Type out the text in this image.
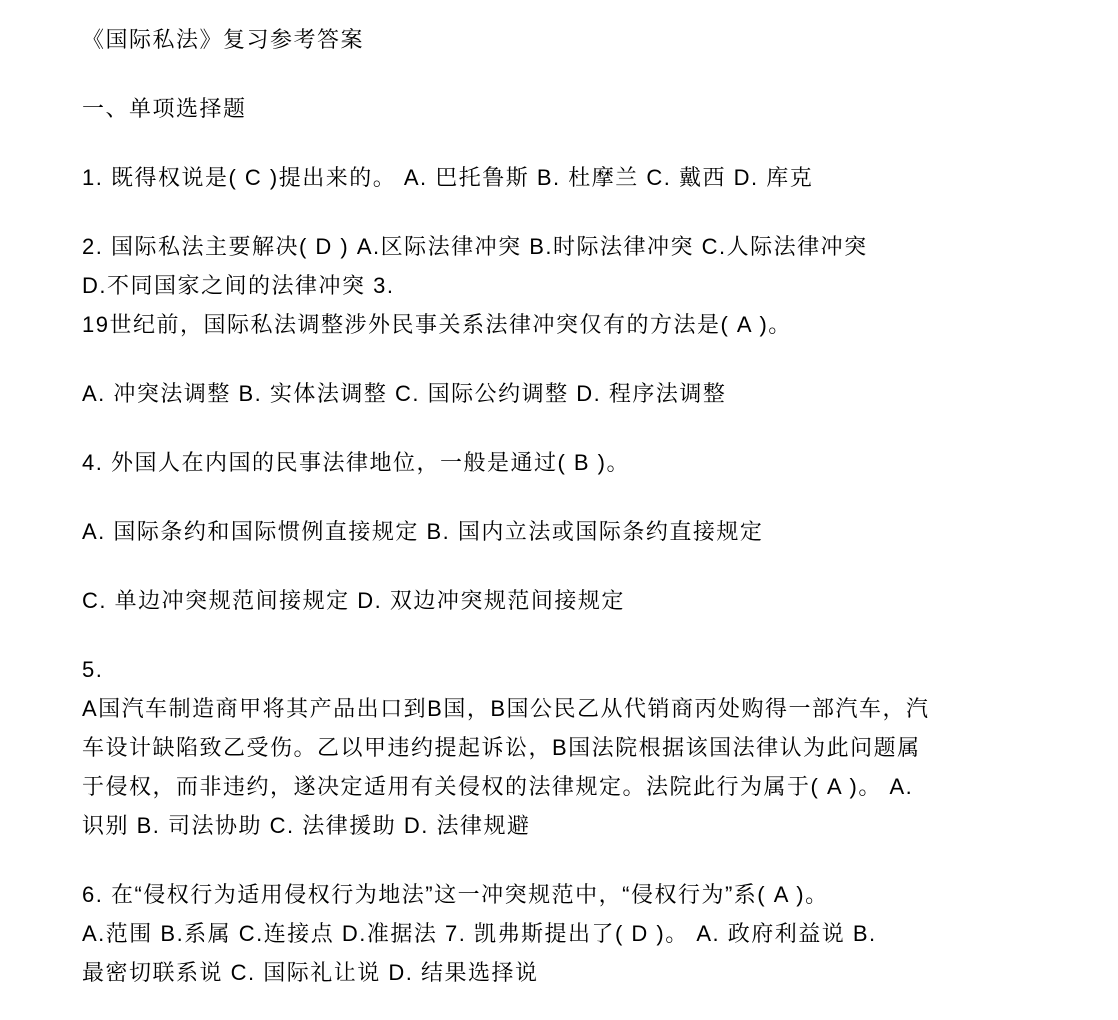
《国际私法》复习参考答案
一、单项选择题
1. 既得权说是( C )提出来的。 A. 巴托鲁斯 B. 杜摩兰 C. 戴西 D. 库克
2. 国际私法主要解决( D ) A.区际法律冲突 B.时际法律冲突 C.人际法律冲突
D.不同国家之间的法律冲突 3.
19世纪前，国际私法调整涉外民事关系法律冲突仅有的方法是( A )。
A. 冲突法调整 B. 实体法调整 C. 国际公约调整 D. 程序法调整
4. 外国人在内国的民事法律地位，一般是通过( B )。
A. 国际条约和国际惯例直接规定 B. 国内立法或国际条约直接规定
C. 单边冲突规范间接规定 D. 双边冲突规范间接规定
5.
A国汽车制造商甲将其产品出口到B国，B国公民乙从代销商丙处购得一部汽车，汽
车设计缺陷致乙受伤。乙以甲违约提起诉讼，B国法院根据该国法律认为此问题属
于侵权，而非违约，遂决定适用有关侵权的法律规定。法院此行为属于( A )。 A.
识别 B. 司法协助 C. 法律援助 D. 法律规避
6. 在“侵权行为适用侵权行为地法”这一冲突规范中，“侵权行为”系( A )。
A.范围 B.系属 C.连接点 D.准据法 7. 凯弗斯提出了( D )。 A. 政府利益说 B.
最密切联系说 C. 国际礼让说 D. 结果选择说
